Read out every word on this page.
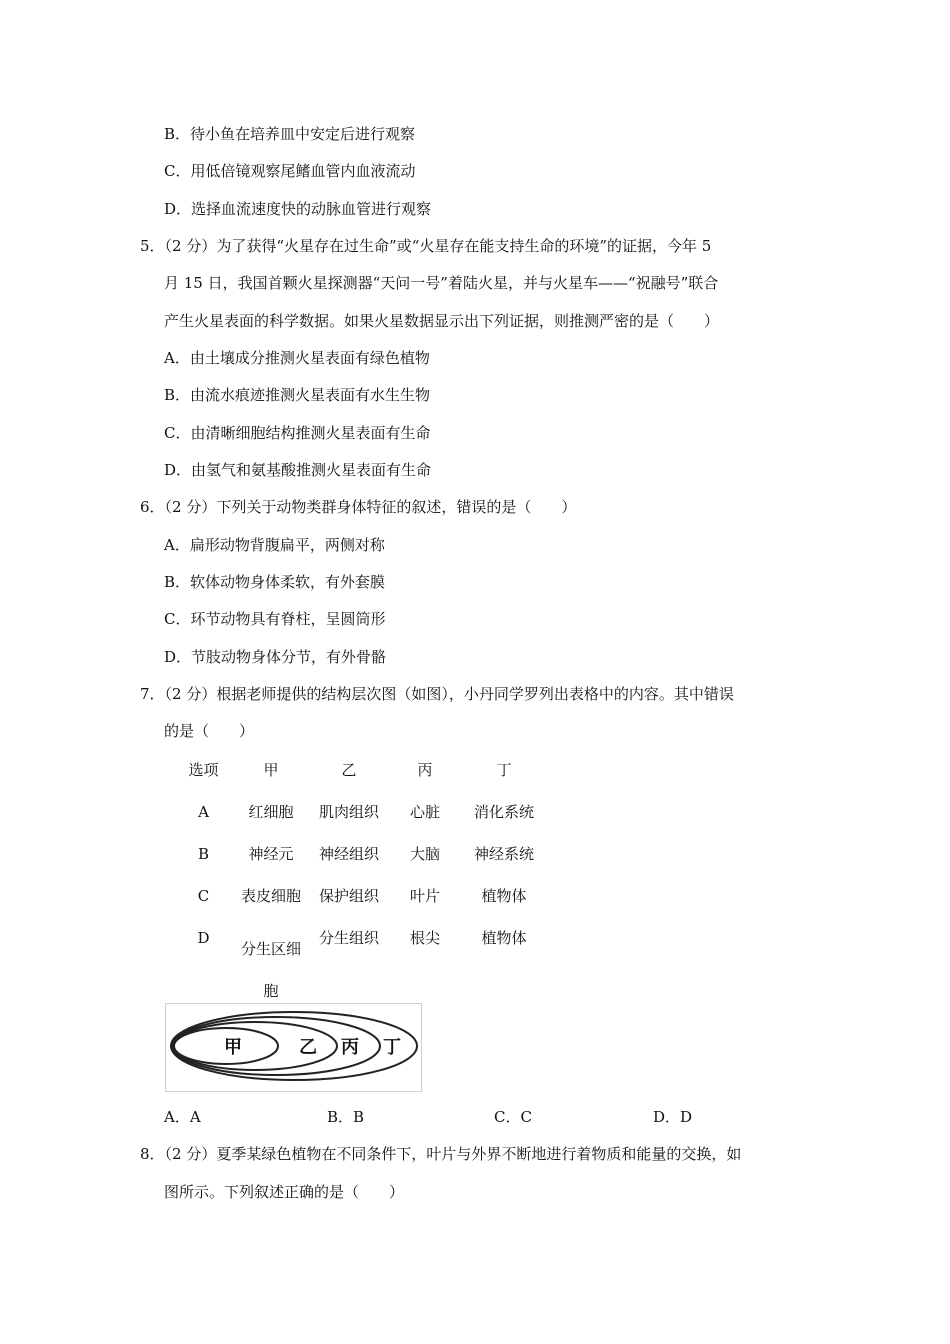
B．待小鱼在培养皿中安定后进行观察
C．用低倍镜观察尾鳍血管内血液流动
D．选择血流速度快的动脉血管进行观察
5．（2 分）为了获得“火星存在过生命”或“火星存在能支持生命的环境”的证据，今年 5
月 15 日，我国首颗火星探测器“天问一号”着陆火星，并与火星车——“祝融号”联合
产生火星表面的科学数据。如果火星数据显示出下列证据，则推测严密的是（　　）
A．由土壤成分推测火星表面有绿色植物
B．由流水痕迹推测火星表面有水生生物
C．由清晰细胞结构推测火星表面有生命
D．由氢气和氨基酸推测火星表面有生命
6．（2 分）下列关于动物类群身体特征的叙述，错误的是（　　）
A．扁形动物背腹扁平，两侧对称
B．软体动物身体柔软，有外套膜
C．环节动物具有脊柱，呈圆筒形
D．节肢动物身体分节，有外骨骼
7．（2 分）根据老师提供的结构层次图（如图），小丹同学罗列出表格中的内容。其中错误
的是（　　）
选项	甲	乙	丙	丁
A	红细胞	肌肉组织	心脏	消化系统
B	神经元	神经组织	大脑	神经系统
C	表皮细胞	保护组织	叶片	植物体
D	分生区细胞	分生组织	根尖	植物体
甲	乙 丙 丁
A．A	B．B	C．C	D．D
8．（2 分）夏季某绿色植物在不同条件下，叶片与外界不断地进行着物质和能量的交换，如
图所示。下列叙述正确的是（　　）
